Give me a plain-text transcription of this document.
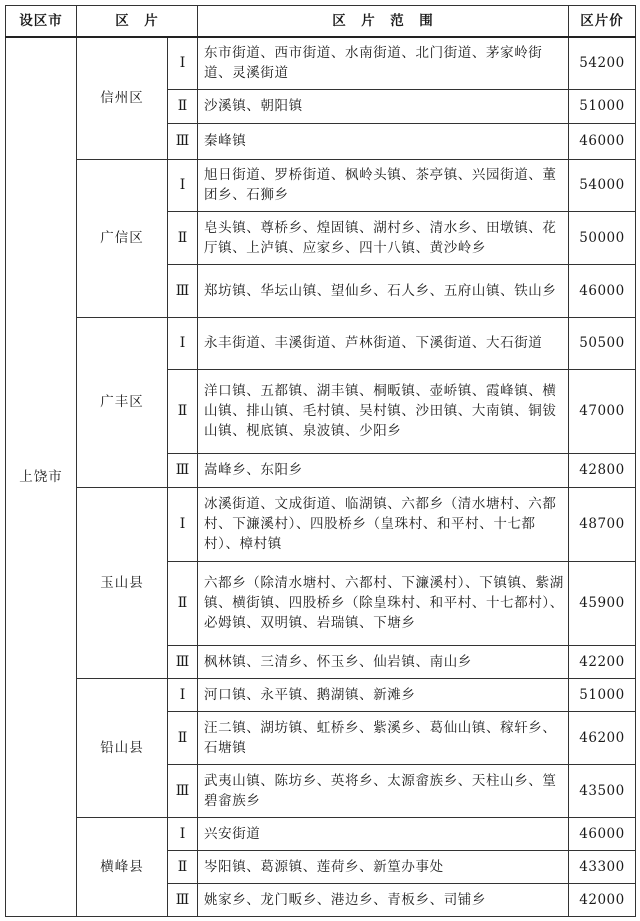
设区市	区　片		区　片　范　围	区片价
上饶市	信州区	Ⅰ	东市街道、西市街道、水南街道、北门街道、茅家岭街道、灵溪街道	54200
		Ⅱ	沙溪镇、朝阳镇	51000
		Ⅲ	秦峰镇	46000
	广信区	Ⅰ	旭日街道、罗桥街道、枫岭头镇、茶亭镇、兴园街道、董团乡、石狮乡	54000
		Ⅱ	皂头镇、尊桥乡、煌固镇、湖村乡、清水乡、田墩镇、花厅镇、上泸镇、应家乡、四十八镇、黄沙岭乡	50000
		Ⅲ	郑坊镇、华坛山镇、望仙乡、石人乡、五府山镇、铁山乡	46000
	广丰区	Ⅰ	永丰街道、丰溪街道、芦林街道、下溪街道、大石街道	50500
		Ⅱ	洋口镇、五都镇、湖丰镇、桐畈镇、壶峤镇、霞峰镇、横山镇、排山镇、毛村镇、吴村镇、沙田镇、大南镇、铜钹山镇、枧底镇、泉波镇、少阳乡	47000
		Ⅲ	嵩峰乡、东阳乡	42800
	玉山县	Ⅰ	冰溪街道、文成街道、临湖镇、六都乡（清水塘村、六都村、下濂溪村）、四股桥乡（皇珠村、和平村、十七都村）、樟村镇	48700
		Ⅱ	六都乡（除清水塘村、六都村、下濂溪村）、下镇镇、紫湖镇、横街镇、四股桥乡（除皇珠村、和平村、十七都村）、必姆镇、双明镇、岩瑞镇、下塘乡	45900
		Ⅲ	枫林镇、三清乡、怀玉乡、仙岩镇、南山乡	42200
	铅山县	Ⅰ	河口镇、永平镇、鹅湖镇、新滩乡	51000
		Ⅱ	汪二镇、湖坊镇、虹桥乡、紫溪乡、葛仙山镇、稼轩乡、石塘镇	46200
		Ⅲ	武夷山镇、陈坊乡、英将乡、太源畲族乡、天柱山乡、篁碧畲族乡	43500
	横峰县	Ⅰ	兴安街道	46000
		Ⅱ	岑阳镇、葛源镇、莲荷乡、新篁办事处	43300
		Ⅲ	姚家乡、龙门畈乡、港边乡、青板乡、司铺乡	42000
